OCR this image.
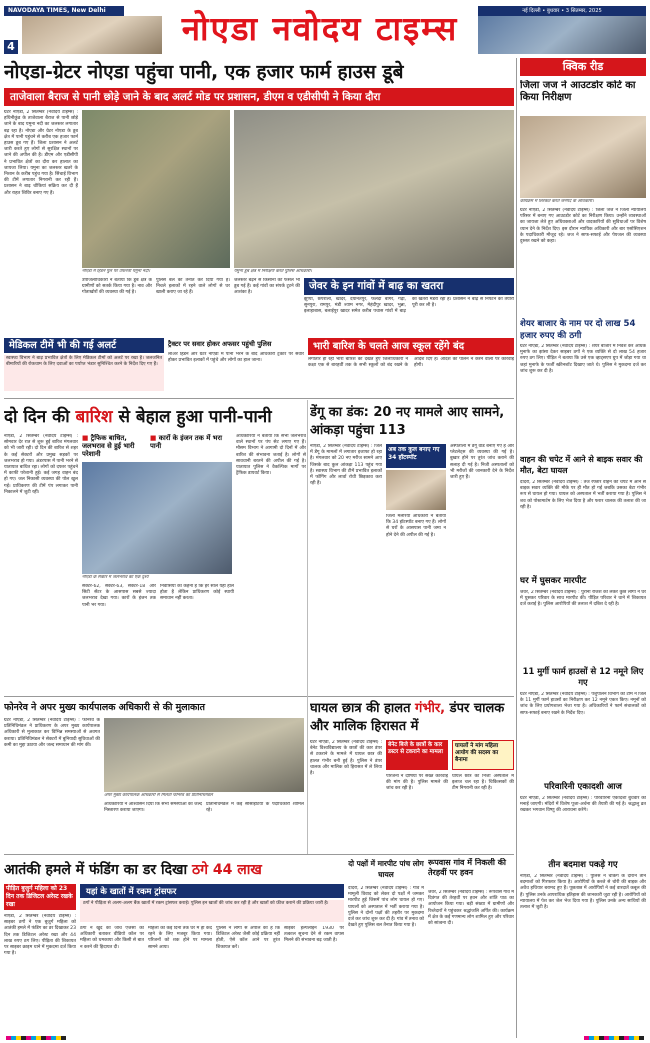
NAVODAYA TIMES, New Delhi
4	नोएडा नवोदय टाइम्स	नई दिल्ली • बुधवार • 3 सितम्बर, 2025
नोएडा-ग्रेटर नोएडा पहुंचा पानी, एक हजार फार्म हाउस डूबे
ताजेवाला बैराज से पानी छोड़े जाने के बाद अलर्ट मोड पर प्रशासन, डीएम व एडीसीपी ने किया दौरा
ग्रेटर नोएडा, 2 सितम्बर (नवोदय टाइम्स) : हथिनीकुंड के ताजेवाला बैराज से पानी छोड़े जाने के बाद यमुना नदी का जलस्तर लगातार बढ़ रहा है। नोएडा और ग्रेटर नोएडा के डूब क्षेत्र में पानी पहुंचने से करीब एक हजार फार्म हाउस डूब गए हैं। जिला प्रशासन ने अलर्ट जारी करते हुए लोगों से सुरक्षित स्थानों पर जाने की अपील की है। डीएम और एडीसीपी ने प्रभावित क्षेत्रों का दौरा कर हालात का जायजा लिया। यमुना का जलस्तर खतरे के निशान के करीब पहुंच गया है। सिंचाई विभाग की टीमें लगातार निगरानी कर रही हैं। प्रशासन ने बाढ़ चौकियां सक्रिय कर दी हैं और राहत शिविर बनाए गए हैं।
नोएडा में हिंडन पुल पर उफनती यमुना नदी।	यमुना डूब क्षेत्र में निरीक्षण करते पुलिस अधिकारी।
उपजिलाधिकारी ने बताया कि डूब क्षेत्र के ग्रामीणों को सतर्क किया गया है। नाव और गोताखोरों की व्यवस्था की गई है।
पुलिस बल को तैनात कर दिया गया है। निचले इलाकों में रहने वाले लोगों से घर खाली कराए जा रहे हैं।
जलस्तर बढ़ने से किसानों की फसलें भी डूब गई हैं। कई गांवों का संपर्क टूटने की आशंका है।
जेवर के इन गांवों में बाढ़ का खतरा
झुप्पा, छपरौला, खादर, दयानतपुर, फलैदा बांगर, गढ़ी, सुनपुरा, रामपुर, मंडी श्याम नगर, मेहंदीपुर खादर, भुन्ना, इलाहाबास, बलाईपुर खादर समेत करीब पचास गांवों में बाढ़ का खतरा मंडरा रहा है। प्रशासन ने बाढ़ से निपटने की तैयारी पूरी कर ली है।
मेडिकल टीमें भी की गई अलर्ट
स्वास्थ्य विभाग ने बाढ़ प्रभावित क्षेत्रों के लिए मेडिकल टीमों को अलर्ट पर रखा है। जलजनित बीमारियों की रोकथाम के लिए दवाओं का पर्याप्त भंडार सुनिश्चित करने के निर्देश दिए गए हैं।
ट्रैक्टर पर सवार होकर अफसर पहुंची पुलिस
लोअर हिंडन और ग्रेटर नोएडा में पानी भरने के बाद अधिकारी ट्रैक्टर पर सवार होकर प्रभावित इलाकों में पहुंचे और लोगों का हाल जाना।
भारी बारिश के चलते आज स्कूल रहेंगे बंद
लगातार हो रही भारी बारिश को देखते हुए जिलाधिकारी ने कक्षा एक से बारहवीं तक के सभी स्कूलों को बंद रखने के आदेश दिए हैं। आदेश का पालन न करने वालों पर कार्रवाई होगी।
दो दिन की बारिश से बेहाल हुआ पानी-पानी
नोएडा, 2 सितम्बर (नवोदय टाइम्स) : सोमवार देर रात से शुरू हुई बारिश मंगलवार को भी जारी रही। दो दिन की बारिश से शहर के कई सेक्टरों और प्रमुख सड़कों पर जलभराव हो गया। अंडरपास में पानी भरने से यातायात बाधित रहा। लोगों को दफ्तर पहुंचने में काफी परेशानी हुई। कई जगह वाहन बंद हो गए। जल निकासी व्यवस्था की पोल खुल गई। प्राधिकरण की टीमें पंप लगाकर पानी निकालने में जुटी रहीं।
■ ट्रैफिक बाधित, जलभराव से हुई भारी परेशानी
■ कारों के इंजन तक में भरा पानी
नोएडा के सेक्टर में जलभराव का एक दृश्य
सेक्टर-62, सेक्टर-63, सेक्टर-18 और सिटी सेंटर के आसपास सबसे ज्यादा जलभराव देखा गया। कारों के इंजन तक पानी भर गया।
निवासियों का कहना है कि हर साल यही हाल होता है लेकिन प्राधिकरण कोई स्थायी समाधान नहीं करता।
अधिकारियों ने बताया कि सभी जलभराव वाले स्थानों पर पंप सेट लगाए गए हैं। मौसम विभाग ने आगामी दो दिनों में और बारिश की संभावना जताई है। लोगों से सावधानी बरतने की अपील की गई है। यातायात पुलिस ने वैकल्पिक मार्गों पर ट्रैफिक डायवर्ट किया।
डेंगू का डंक: 20 नए मामले आए सामने, आंकड़ा पहुंचा 113
नोएडा, 2 सितम्बर (नवोदय टाइम्स) : जिले में डेंगू के मामलों में लगातार इजाफा हो रहा है। मंगलवार को 20 नए मरीज सामने आए जिसके बाद कुल आंकड़ा 113 पहुंच गया है। स्वास्थ्य विभाग की टीमें प्रभावित इलाकों में फॉगिंग और लार्वा रोधी छिड़काव करा रही हैं।
अब तक कुल बनाए गए 34 हॉटस्पॉट
जिला मलेरिया अधिकारी ने बताया कि 34 हॉटस्पॉट बनाए गए हैं। लोगों से घरों के आसपास पानी जमा न होने देने की अपील की गई है।
अस्पतालों में डेंगू वार्ड बनाए गए हैं और प्लेटलेट्स की व्यवस्था की गई है। बुखार होने पर तुरंत जांच कराने की सलाह दी गई है। निजी अस्पतालों को भी मरीजों की जानकारी देने के निर्देश जारी हुए हैं।
फोनरेव ने अपर मुख्य कार्यपालक अधिकारी से की मुलाकात
ग्रेटर नोएडा, 2 सितम्बर (नवोदय टाइम्स) : फोनरेव के प्रतिनिधिमंडल ने प्राधिकरण के अपर मुख्य कार्यपालक अधिकारी से मुलाकात कर विभिन्न समस्याओं से अवगत कराया। प्रतिनिधिमंडल ने सेक्टरों में बुनियादी सुविधाओं की कमी का मुद्दा उठाया और जल्द समाधान की मांग की।
अपर मुख्य कार्यपालक अधिकारी से मिलता फोनरेव का प्रतिनिधिमंडल
अधिकारियों ने आश्वासन दिया कि सभी समस्याओं का जल्द निस्तारण कराया जाएगा।
प्रतिनिधिमंडल में कई सोसाइटियों के पदाधिकारी शामिल रहे।
घायल छात्र की हालत गंभीर, डंपर चालक और मालिक हिरासत में
ग्रेटर नोएडा, 2 सितम्बर (नवोदय टाइम्स) : बेनेट विश्वविद्यालय के छात्रों की कार डंपर से टकराने के मामले में घायल छात्र की हालत गंभीर बनी हुई है। पुलिस ने डंपर चालक और मालिक को हिरासत में ले लिया है।
बेनेट बिजे के छात्रों के कार डस्टर से टकराने का मामला
परिजनों ने दोषियों पर सख्त कार्रवाई की मांग की है। पुलिस मामले की जांच कर रही है।
घायलों ने मांग महिला आयोग की सदस्य का बैनामा
घायल छात्र का निजी अस्पताल में इलाज चल रहा है। चिकित्सकों की टीम निगरानी कर रही है।
आतंकी हमले में फंडिंग का डर दिखा ठगे 44 लाख
पीड़ित बुजुर्ग महिला को 23 दिन तक डिजिटल अरेस्ट रखके रखा
नोएडा, 2 सितम्बर (नवोदय टाइम्स) : साइबर ठगों ने एक बुजुर्ग महिला को आतंकी हमले में फंडिंग का डर दिखाकर 23 दिन तक डिजिटल अरेस्ट रखा और 44 लाख रुपए ठग लिए। पीड़िता की शिकायत पर साइबर क्राइम थाने में मुकदमा दर्ज किया गया है।
यहां के खातों में रकम ट्रांसफर
ठगों ने पीड़िता से अलग-अलग बैंक खातों में रकम ट्रांसफर कराई। पुलिस इन खातों की जांच कर रही है और खातों को फ्रीज कराने की प्रक्रिया जारी है।
ठगों ने खुद को जांच एजेंसी का अधिकारी बताकर वीडियो कॉल पर महिला को धमकाया और किसी से बात न करने की हिदायत दी।
महिला को कई दिनों तक घर में ही कैद रहने के लिए मजबूर किया गया। परिजनों को शक होने पर मामला सामने आया।
पुलिस ने लोगों से अपील की है कि डिजिटल अरेस्ट जैसी कोई प्रक्रिया नहीं होती, ऐसे कॉल आने पर तुरंत शिकायत करें।
साइबर हेल्पलाइन 1930 पर तत्काल सूचना देने से रकम वापस मिलने की संभावना बढ़ जाती है।
दो पक्षों में मारपीट पांच लोग घायल
दादरी, 2 सितम्बर (नवोदय टाइम्स) : गांव में मामूली विवाद को लेकर दो पक्षों में जमकर मारपीट हुई जिसमें पांच लोग घायल हो गए। घायलों को अस्पताल में भर्ती कराया गया है। पुलिस ने दोनों पक्षों की तहरीर पर मुकदमा दर्ज कर जांच शुरू कर दी है। गांव में तनाव को देखते हुए पुलिस बल तैनात किया गया है।
रूपवास गांव में निकली की तेरहवीं पर हवन
जेवर, 2 सितम्बर (नवोदय टाइम्स) : रूपवास गांव में दिवंगत की तेरहवीं पर हवन और शांति पाठ का आयोजन किया गया। बड़ी संख्या में ग्रामीणों और रिश्तेदारों ने पहुंचकर श्रद्धांजलि अर्पित की। कार्यक्रम में क्षेत्र के कई गणमान्य लोग शामिल हुए और परिवार को सांत्वना दी।
क्विक रीड
जिला जज ने आउटडोर कोर्ट का किया निरीक्षण
कार्यक्रम में शिरकत करते जनपद के अधिकारी।
ग्रेटर नोएडा, 2 सितम्बर (नवोदय टाइम्स) : जिला जज ने जिला न्यायालय परिसर में बनाए गए आउटडोर कोर्ट का निरीक्षण किया। उन्होंने व्यवस्थाओं का जायजा लेते हुए अधिवक्ताओं और वादकारियों की सुविधाओं पर विशेष ध्यान देने के निर्देश दिए। इस दौरान न्यायिक अधिकारी और बार एसोसिएशन के पदाधिकारी मौजूद रहे। जज ने साफ-सफाई और पेयजल की व्यवस्था दुरुस्त रखने को कहा।
शेयर बाजार के नाम पर दो लाख 54 हजार रुपए की ठगी
ग्रेटर नोएडा, 2 सितम्बर (नवोदय टाइम्स) : शेयर बाजार में निवेश कर अधिक मुनाफे का झांसा देकर साइबर ठगों ने एक व्यक्ति से दो लाख 54 हजार रुपए ठग लिए। पीड़ित ने बताया कि उसे एक व्हाट्सएप ग्रुप में जोड़ा गया था जहां मुनाफे के फर्जी स्क्रीनशॉट दिखाए जाते थे। पुलिस ने मुकदमा दर्ज कर जांच शुरू कर दी है।
वाहन की चपेट में आने से बाइक सवार की मौत, बेटा घायल
दादरी, 2 सितम्बर (नवोदय टाइम्स) : तेज रफ्तार वाहन की चपेट में आने से बाइक सवार व्यक्ति की मौके पर ही मौत हो गई जबकि उसका बेटा गंभीर रूप से घायल हो गया। घायल को अस्पताल में भर्ती कराया गया है। पुलिस ने शव को पोस्टमार्टम के लिए भेज दिया है और फरार चालक की तलाश की जा रही है।
घर में घुसकर मारपीट
जेवर, 2 सितम्बर (नवोदय टाइम्स) : पुरानी रंजिश को लेकर कुछ लोगों ने घर में घुसकर परिवार के साथ मारपीट की। पीड़ित परिवार ने थाने में शिकायत दर्ज कराई है। पुलिस आरोपियों की तलाश में दबिश दे रही है।
11 मुर्गी फार्म हाउसों से 12 नमूने लिए गए
ग्रेटर नोएडा, 2 सितम्बर (नवोदय टाइम्स) : पशुपालन विभाग की टीम ने जिले के 11 मुर्गी फार्म हाउसों का निरीक्षण कर 12 नमूने एकत्र किए। नमूनों को जांच के लिए प्रयोगशाला भेजा गया है। अधिकारियों ने फार्म संचालकों को साफ-सफाई बनाए रखने के निर्देश दिए।
परिवारिनी एकादशी आज
ग्रेटर नोएडा, 2 सितम्बर (नवोदय टाइम्स) : परिवारिनी एकादशी बुधवार को मनाई जाएगी। मंदिरों में विशेष पूजा-अर्चना की तैयारी की गई है। श्रद्धालु व्रत रखकर भगवान विष्णु की आराधना करेंगे।
तीन बदमाश पकड़े गए
नोएडा, 2 सितम्बर (नवोदय टाइम्स) : पुलिस ने चेकिंग के दौरान तीन बदमाशों को गिरफ्तार किया है। आरोपियों के कब्जे से चोरी की बाइक और अवैध हथियार बरामद हुए हैं। पूछताछ में आरोपियों ने कई वारदातें कबूल की हैं। पुलिस उनके आपराधिक इतिहास की जानकारी जुटा रही है। आरोपियों को न्यायालय में पेश कर जेल भेज दिया गया है। पुलिस उनके अन्य साथियों की तलाश में जुटी है।
